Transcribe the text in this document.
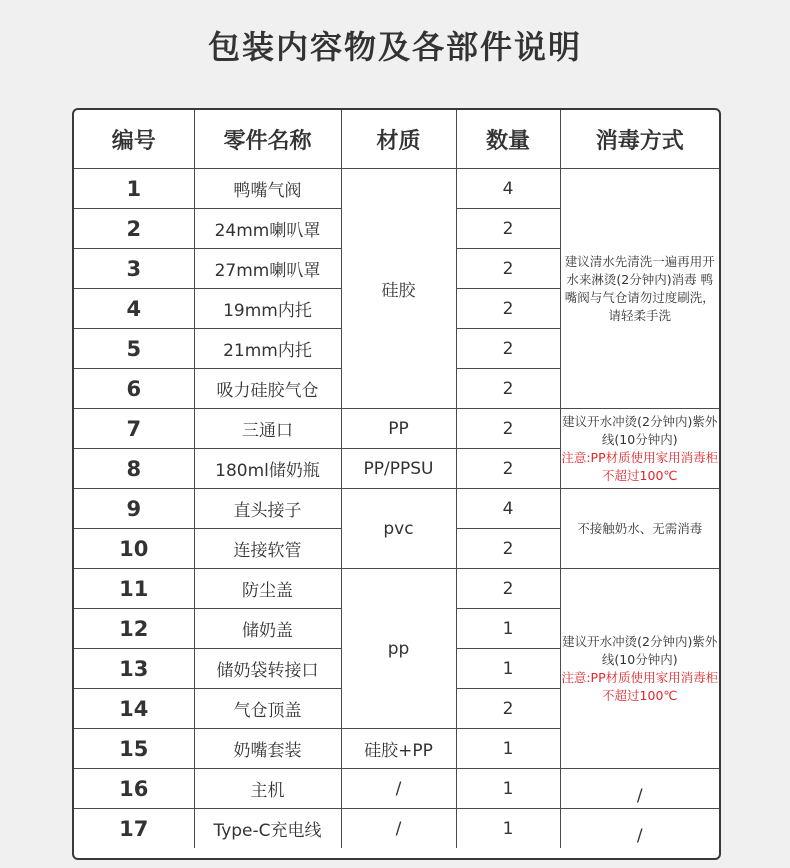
包装内容物及各部件说明
编号	零件名称	材质	数量	消毒方式
1	鸭嘴气阀	硅胶	4	建议清水先清洗一遍再用开水来淋烫(2分钟内)消毒 鸭嘴阀与气仓请勿过度刷洗，请轻柔手洗
2	24mm喇叭罩		2	
3	27mm喇叭罩		2	
4	19mm内托		2	
5	21mm内托		2	
6	吸力硅胶气仓		2	
7	三通口	PP	2	建议开水冲烫(2分钟内)紫外线(10分钟内)
注意:PP材质使用家用消毒柜不超过100℃

8	180ml储奶瓶	PP/PPSU	2	
9	直头接子	pvc	4	不接触奶水、无需消毒
10	连接软管		2	
11	防尘盖	pp	2	建议开水冲烫(2分钟内)紫外线(10分钟内)
注意:PP材质使用家用消毒柜不超过100℃

12	储奶盖		1	
13	储奶袋转接口		1	
14	气仓顶盖		2	
15	奶嘴套装	硅胶+PP	1	
16	主机	/	1	/
17	Type-C充电线	/	1	/
